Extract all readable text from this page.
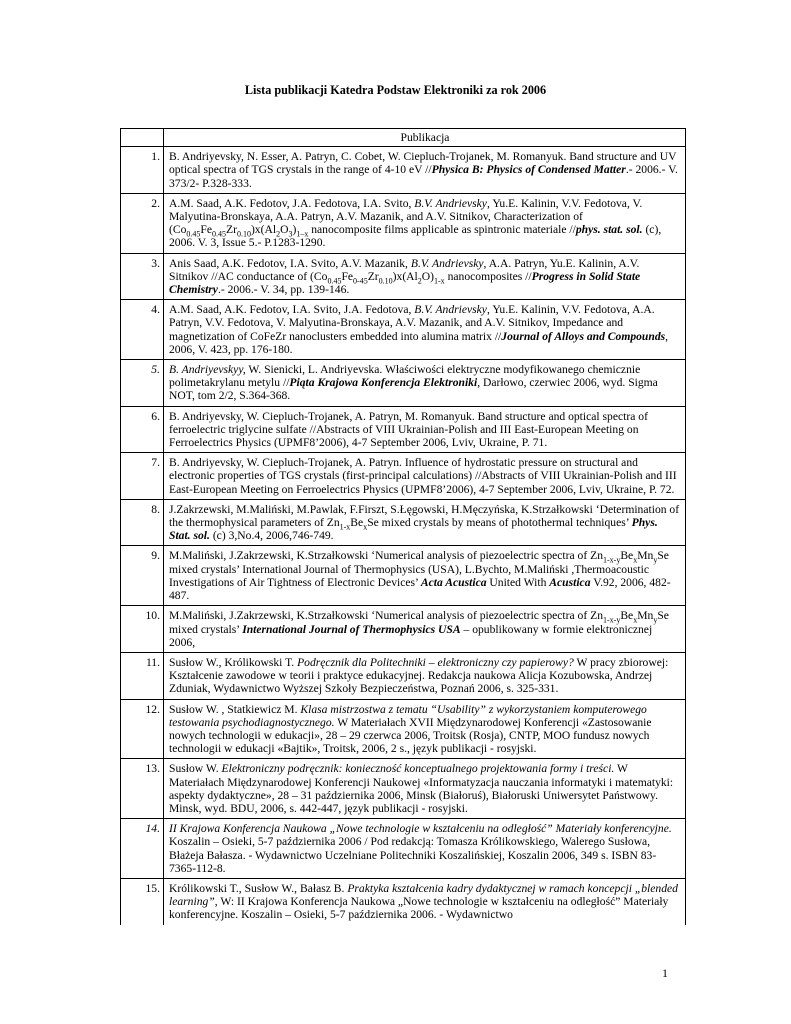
Lista publikacji Katedra Podstaw Elektroniki za rok 2006
	Publikacja
1.	B. Andriyevsky, N. Esser, A. Patryn, C. Cobet, W. Ciepluch-Trojanek, M. Romanyuk. Band structure and UV optical spectra of TGS crystals in the range of 4-10 eV //Physica B: Physics of Condensed Matter.- 2006.- V. 373/2- P.328-333.
2.	A.M. Saad, A.K. Fedotov, J.A. Fedotova, I.A. Svito, B.V. Andrievsky, Yu.E. Kalinin, V.V. Fedotova, V. Malyutina-Bronskaya, A.A. Patryn, A.V. Mazanik, and A.V. Sitnikov, Characterization of $(Co_{0.45}Fe_{0.45}Zr_{0.10})x(Al_2O_3)_{1-x}$ nanocomposite films applicable as spintronic materiale //phys. stat. sol. (c), 2006. V. 3, Issue 5.- P.1283-1290.
3.	Anis Saad, A.K. Fedotov, I.A. Svito, A.V. Mazanik, B.V. Andrievsky, A.A. Patryn, Yu.E. Kalinin, A.V. Sitnikov //AC conductance of $(Co_{0.45}Fe_{0-45}Zr_{0.10})x(Al_2O)_{1-x}$ nanocomposites //Progress in Solid State Chemistry.- 2006.- V. 34, pp. 139-146.
4.	A.M. Saad, A.K. Fedotov, I.A. Svito, J.A. Fedotova, B.V. Andrievsky, Yu.E. Kalinin, V.V. Fedotova, A.A. Patryn, V.V. Fedotova, V. Malyutina-Bronskaya, A.V. Mazanik, and A.V. Sitnikov, Impedance and magnetization of CoFeZr nanoclusters embedded into alumina matrix //Journal of Alloys and Compounds, 2006, V. 423, pp. 176-180.
5.	B. Andriyevskyy, W. Sienicki, L. Andriyevska. Właściwości elektryczne modyfikowanego chemicznie polimetakrylanu metylu //Piąta Krajowa Konferencja Elektroniki, Darłowo, czerwiec 2006, wyd. Sigma NOT, tom 2/2, S.364-368.
6.	B. Andriyevsky, W. Ciepluch-Trojanek, A. Patryn, M. Romanyuk. Band structure and optical spectra of ferroelectric triglycine sulfate //Abstracts of VIII Ukrainian-Polish and III East-European Meeting on Ferroelectrics Physics (UPMF8’2006), 4-7 September 2006, Lviv, Ukraine, P. 71.
7.	B. Andriyevsky, W. Ciepluch-Trojanek, A. Patryn. Influence of hydrostatic pressure on structural and electronic properties of TGS crystals (first-principal calculations) //Abstracts of VIII Ukrainian-Polish and III East-European Meeting on Ferroelectrics Physics (UPMF8’2006), 4-7 September 2006, Lviv, Ukraine, P. 72.
8.	J.Zakrzewski, M.Maliński, M.Pawlak, F.Firszt, S.Łęgowski, H.Męczyńska, K.Strzałkowski ‘Determination of the thermophysical parameters of $Zn_{1-x}Be_xSe$ mixed crystals by means of photothermal techniques’ Phys. Stat. sol. (c) 3,No.4, 2006,746-749.
9.	M.Maliński, J.Zakrzewski, K.Strzałkowski ‘Numerical analysis of piezoelectric spectra of $Zn_{1-x-y}Be_xMn_ySe$ mixed crystals’ International Journal of Thermophysics (USA), L.Bychto, M.Maliński ,Thermoacoustic Investigations of Air Tightness of Electronic Devices’ Acta Acustica United With Acustica V.92, 2006, 482-487.
10.	M.Maliński, J.Zakrzewski, K.Strzałkowski ‘Numerical analysis of piezoelectric spectra of $Zn_{1-x-y}Be_xMn_ySe$ mixed crystals’ International Journal of Thermophysics USA – opublikowany w formie elektronicznej 2006,
11.	Susłow W., Królikowski T. Podręcznik dla Politechniki – elektroniczny czy papierowy? W pracy zbiorowej: Kształcenie zawodowe w teorii i praktyce edukacyjnej. Redakcja naukowa Alicja Kozubowska, Andrzej Zduniak, Wydawnictwo Wyższej Szkoły Bezpieczeństwa, Poznań 2006, s. 325-331.
12.	Susłow W. , Statkiewicz M. Klasa mistrzostwa z tematu “Usability” z wykorzystaniem komputerowego testowania psychodiagnostycznego. W Materiałach XVII Międzynarodowej Konferencji «Zastosowanie nowych technologii w edukacji», 28 – 29 czerwca 2006, Troitsk (Rosja), CNTP, MOO fundusz nowych technologii w edukacji «Bajtik», Troitsk, 2006, 2 s., język publikacji - rosyjski.
13.	Susłow W. Elektroniczny podręcznik: konieczność konceptualnego projektowania formy i treści. W Materiałach Międzynarodowej Konferencji Naukowej «Informatyzacja nauczania informatyki i matematyki: aspekty dydaktyczne», 28 – 31 października 2006, Minsk (Białoruś), Białoruski Uniwersytet Państwowy. Minsk, wyd. BDU, 2006, s. 442-447, język publikacji - rosyjski.
14.	II Krajowa Konferencja Naukowa „Nowe technologie w kształceniu na odległość” Materiały konferencyjne. Koszalin – Osieki, 5-7 października 2006 / Pod redakcją: Tomasza Królikowskiego, Walerego Susłowa, Błażeja Bałasza. - Wydawnictwo Uczelniane Politechniki Koszalińskiej, Koszalin 2006, 349 s. ISBN 83-7365-112-8.
15.	Królikowski T., Susłow W., Bałasz B. Praktyka kształcenia kadry dydaktycznej w ramach koncepcji „blended learning”, W: II Krajowa Konferencja Naukowa „Nowe technologie w kształceniu na odległość” Materiały konferencyjne. Koszalin – Osieki, 5-7 października 2006. - Wydawnictwo
1
